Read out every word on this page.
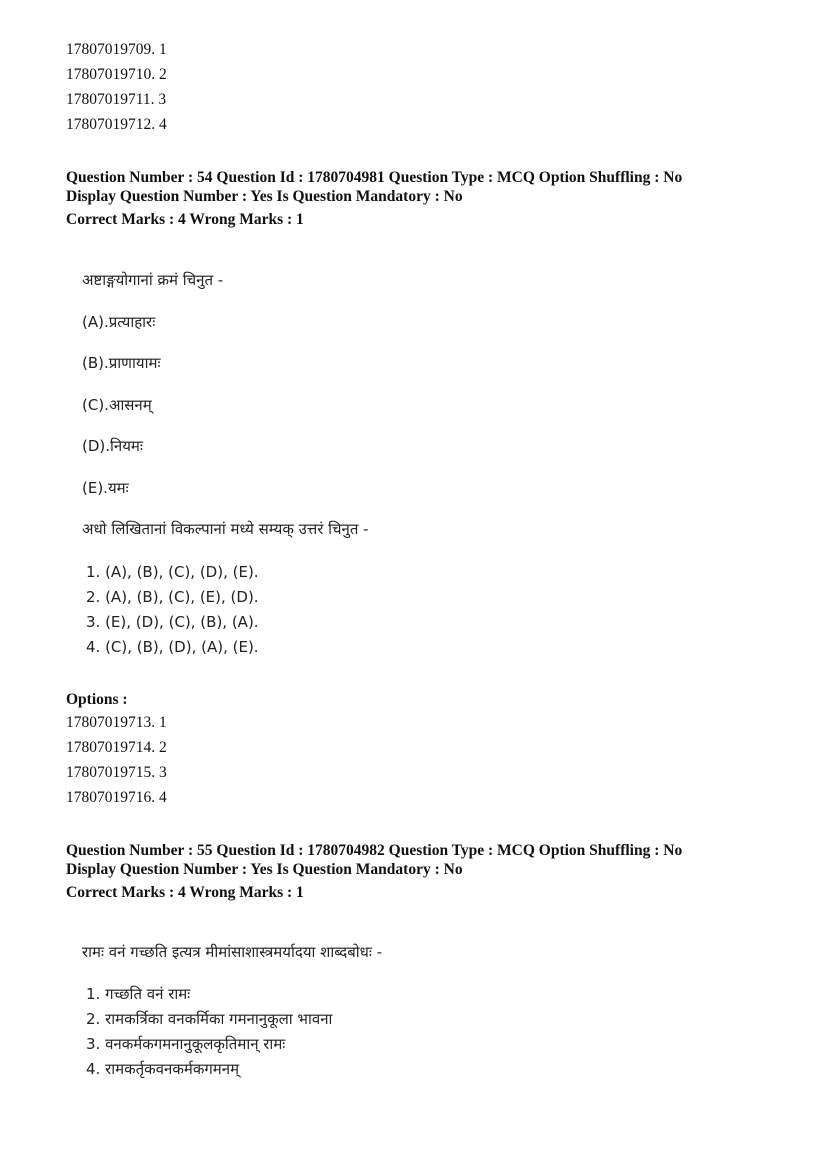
17807019709. 1
17807019710. 2
17807019711. 3
17807019712. 4
Question Number : 54 Question Id : 1780704981 Question Type : MCQ Option Shuffling : No
Display Question Number : Yes Is Question Mandatory : No
Correct Marks : 4 Wrong Marks : 1
अष्टाङ्गयोगानां क्रमं चिनुत -
(A).प्रत्याहारः
(B).प्राणायामः
(C).आसनम्
(D).नियमः
(E).यमः
अधो लिखितानां विकल्पानां मध्ये सम्यक् उत्तरं चिनुत -
1. (A), (B), (C), (D), (E).
2. (A), (B), (C), (E), (D).
3. (E), (D), (C), (B), (A).
4. (C), (B), (D), (A), (E).
Options :
17807019713. 1
17807019714. 2
17807019715. 3
17807019716. 4
Question Number : 55 Question Id : 1780704982 Question Type : MCQ Option Shuffling : No
Display Question Number : Yes Is Question Mandatory : No
Correct Marks : 4 Wrong Marks : 1
रामः वनं गच्छति इत्यत्र मीमांसाशास्त्रमर्यादया शाब्दबोधः -
1. गच्छति वनं रामः
2. रामकर्त्रिका वनकर्मिका गमनानुकूला भावना
3. वनकर्मकगमनानुकूलकृतिमान् रामः
4. रामकर्तृकवनकर्मकगमनम्
